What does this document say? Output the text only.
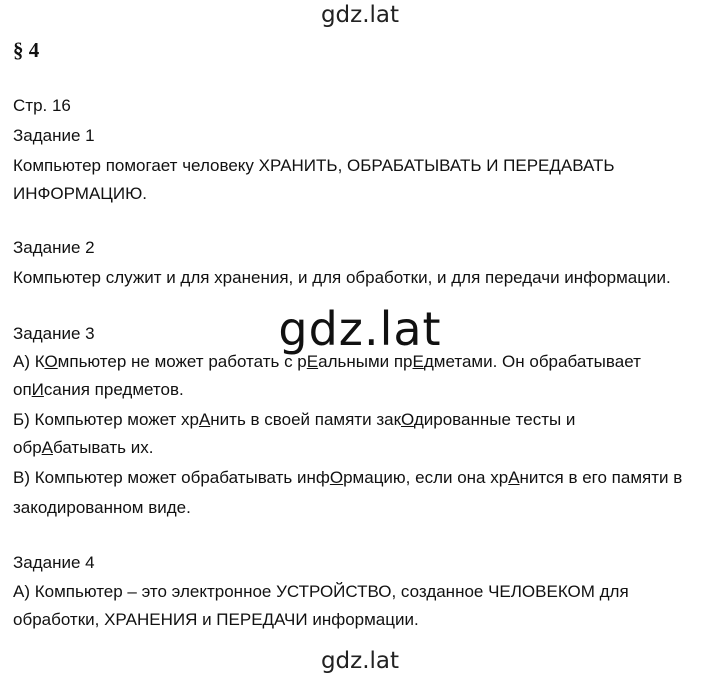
gdz.lat
gdz.lat
gdz.lat
§ 4
Стр. 16
Задание 1
Компьютер помогает человеку ХРАНИТЬ, ОБРАБАТЫВАТЬ И ПЕРЕДАВАТЬ
ИНФОРМАЦИЮ.
Задание 2
Компьютер служит и для хранения, и для обработки, и для передачи информации.
Задание 3
А) КОмпьютер не может работать с рЕальными прЕдметами. Он обрабатывает
опИсания предметов.
Б) Компьютер может хрАнить в своей памяти закОдированные тесты и
обрАбатывать их.
В) Компьютер может обрабатывать инфОрмацию, если она хрАнится в его памяти в
закодированном виде.
Задание 4
А) Компьютер – это электронное УСТРОЙСТВО, созданное ЧЕЛОВЕКОМ для
обработки, ХРАНЕНИЯ и ПЕРЕДАЧИ информации.
